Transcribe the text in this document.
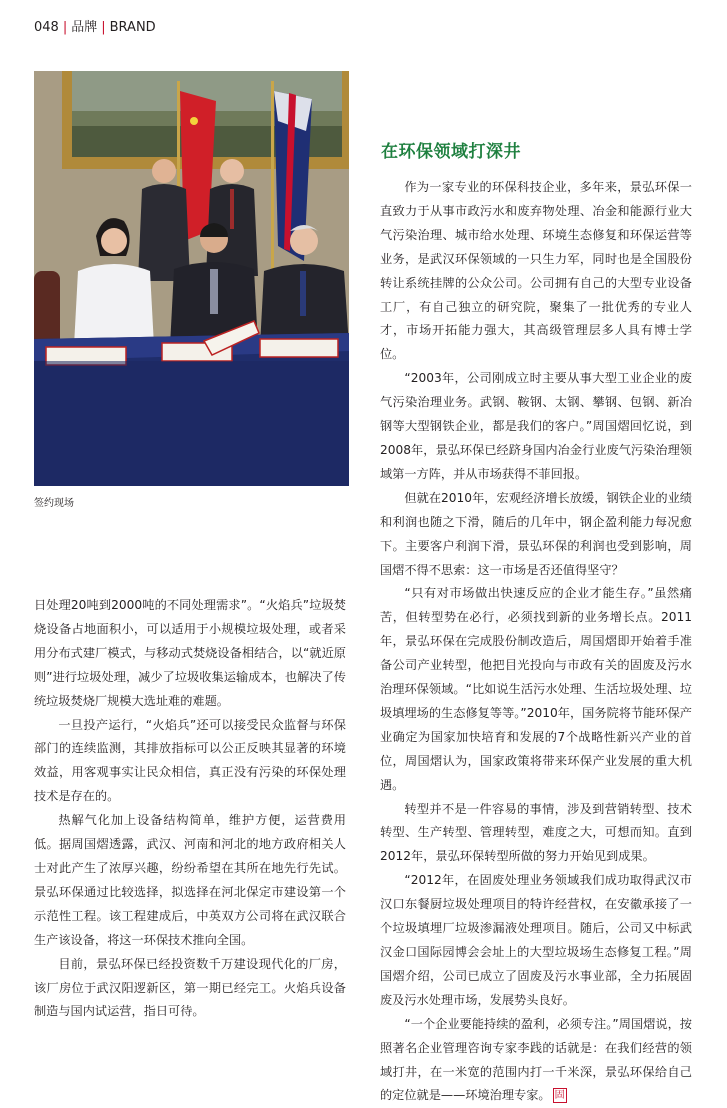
048 | 品牌 | BRAND
签约现场
在环保领域打深井

作为一家专业的环保科技企业，多年来，景弘环保一直致力于从事市政污水和废弃物处理、冶金和能源行业大气污染治理、城市给水处理、环境生态修复和环保运营等业务，是武汉环保领域的一只生力军，同时也是全国股份转让系统挂牌的公众公司。公司拥有自己的大型专业设备工厂，有自己独立的研究院，聚集了一批优秀的专业人才，市场开拓能力强大，其高级管理层多人具有博士学位。

“2003年，公司刚成立时主要从事大型工业企业的废气污染治理业务。武钢、鞍钢、太钢、攀钢、包钢、新冶钢等大型钢铁企业，都是我们的客户。”周国熠回忆说，到2008年，景弘环保已经跻身国内冶金行业废气污染治理领域第一方阵，并从市场获得不菲回报。

但就在2010年，宏观经济增长放缓，钢铁企业的业绩和利润也随之下滑，随后的几年中，钢企盈利能力每况愈下。主要客户利润下滑，景弘环保的利润也受到影响，周国熠不得不思索：这一市场是否还值得坚守？

“只有对市场做出快速反应的企业才能生存。”虽然痛苦，但转型势在必行，必须找到新的业务增长点。2011年，景弘环保在完成股份制改造后，周国熠即开始着手准备公司产业转型，他把目光投向与市政有关的固废及污水治理环保领域。“比如说生活污水处理、生活垃圾处理、垃圾填埋场的生态修复等等。”2010年，国务院将节能环保产业确定为国家加快培育和发展的7个战略性新兴产业的首位，周国熠认为，国家政策将带来环保产业发展的重大机遇。

转型并不是一件容易的事情，涉及到营销转型、技术转型、生产转型、管理转型，难度之大，可想而知。直到2012年，景弘环保转型所做的努力开始见到成果。

“2012年，在固废处理业务领域我们成功取得武汉市汉口东餐厨垃圾处理项目的特许经营权，在安徽承接了一个垃圾填埋厂垃圾渗漏液处理项目。随后，公司又中标武汉金口国际园博会会址上的大型垃圾场生态修复工程。”周国熠介绍，公司已成立了固废及污水事业部，全力拓展固废及污水处理市场，发展势头良好。

“一个企业要能持续的盈利，必须专注。”周国熠说，按照著名企业管理咨询专家李践的话就是：在我们经营的领域打井，在一米宽的范围内打一千米深，景弘环保给自己的定位就是——环境治理专家。 固

日处理20吨到2000吨的不同处理需求”。“火焰兵”垃圾焚烧设备占地面积小，可以适用于小规模垃圾处理，或者采用分布式建厂模式，与移动式焚烧设备相结合，以“就近原则”进行垃圾处理，减少了垃圾收集运输成本，也解决了传统垃圾焚烧厂规模大选址难的难题。

一旦投产运行，“火焰兵”还可以接受民众监督与环保部门的连续监测，其排放指标可以公正反映其显著的环境效益，用客观事实让民众相信，真正没有污染的环保处理技术是存在的。

热解气化加上设备结构简单，维护方便，运营费用低。据周国熠透露，武汉、河南和河北的地方政府相关人士对此产生了浓厚兴趣，纷纷希望在其所在地先行先试。景弘环保通过比较选择，拟选择在河北保定市建设第一个示范性工程。该工程建成后，中英双方公司将在武汉联合生产该设备，将这一环保技术推向全国。

目前，景弘环保已经投资数千万建设现代化的厂房，该厂房位于武汉阳逻新区，第一期已经完工。火焰兵设备制造与国内试运营，指日可待。
